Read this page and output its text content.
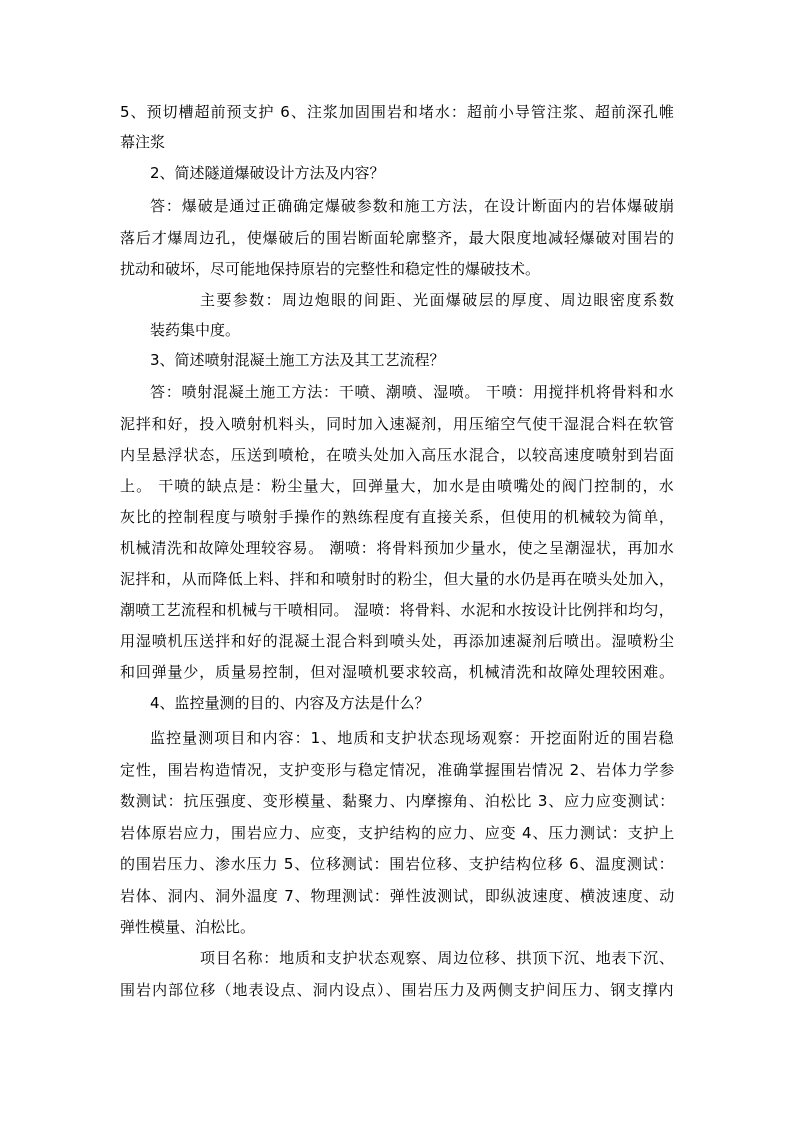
5、预切槽超前预支护 6、注浆加固围岩和堵水：超前小导管注浆、超前深孔帷
幕注浆
2、简述隧道爆破设计方法及内容？
答：爆破是通过正确确定爆破参数和施工方法，在设计断面内的岩体爆破崩
落后才爆周边孔，使爆破后的围岩断面轮廓整齐，最大限度地减轻爆破对围岩的
扰动和破坏，尽可能地保持原岩的完整性和稳定性的爆破技术。
主要参数：周边炮眼的间距、光面爆破层的厚度、周边眼密度系数
装药集中度。
3、简述喷射混凝土施工方法及其工艺流程？
答：喷射混凝土施工方法：干喷、潮喷、湿喷。 干喷：用搅拌机将骨料和水
泥拌和好，投入喷射机料头，同时加入速凝剂，用压缩空气使干湿混合料在软管
内呈悬浮状态，压送到喷枪，在喷头处加入高压水混合，以较高速度喷射到岩面
上。 干喷的缺点是：粉尘量大，回弹量大，加水是由喷嘴处的阀门控制的，水
灰比的控制程度与喷射手操作的熟练程度有直接关系，但使用的机械较为简单，
机械清洗和故障处理较容易。 潮喷：将骨料预加少量水，使之呈潮湿状，再加水
泥拌和，从而降低上料、拌和和喷射时的粉尘，但大量的水仍是再在喷头处加入，
潮喷工艺流程和机械与干喷相同。 湿喷：将骨料、水泥和水按设计比例拌和均匀，
用湿喷机压送拌和好的混凝土混合料到喷头处，再添加速凝剂后喷出。湿喷粉尘
和回弹量少，质量易控制，但对湿喷机要求较高，机械清洗和故障处理较困难。
4、监控量测的目的、内容及方法是什么？
监控量测项目和内容：1、地质和支护状态现场观察：开挖面附近的围岩稳
定性，围岩构造情况，支护变形与稳定情况，准确掌握围岩情况 2、岩体力学参
数测试：抗压强度、变形模量、黏聚力、内摩擦角、泊松比 3、应力应变测试：
岩体原岩应力，围岩应力、应变，支护结构的应力、应变 4、压力测试：支护上
的围岩压力、渗水压力 5、位移测试：围岩位移、支护结构位移 6、温度测试：
岩体、洞内、洞外温度 7、物理测试：弹性波测试，即纵波速度、横波速度、动
弹性模量、泊松比。
项目名称：地质和支护状态观察、周边位移、拱顶下沉、地表下沉、
围岩内部位移（地表设点、洞内设点）、围岩压力及两侧支护间压力、钢支撑内
